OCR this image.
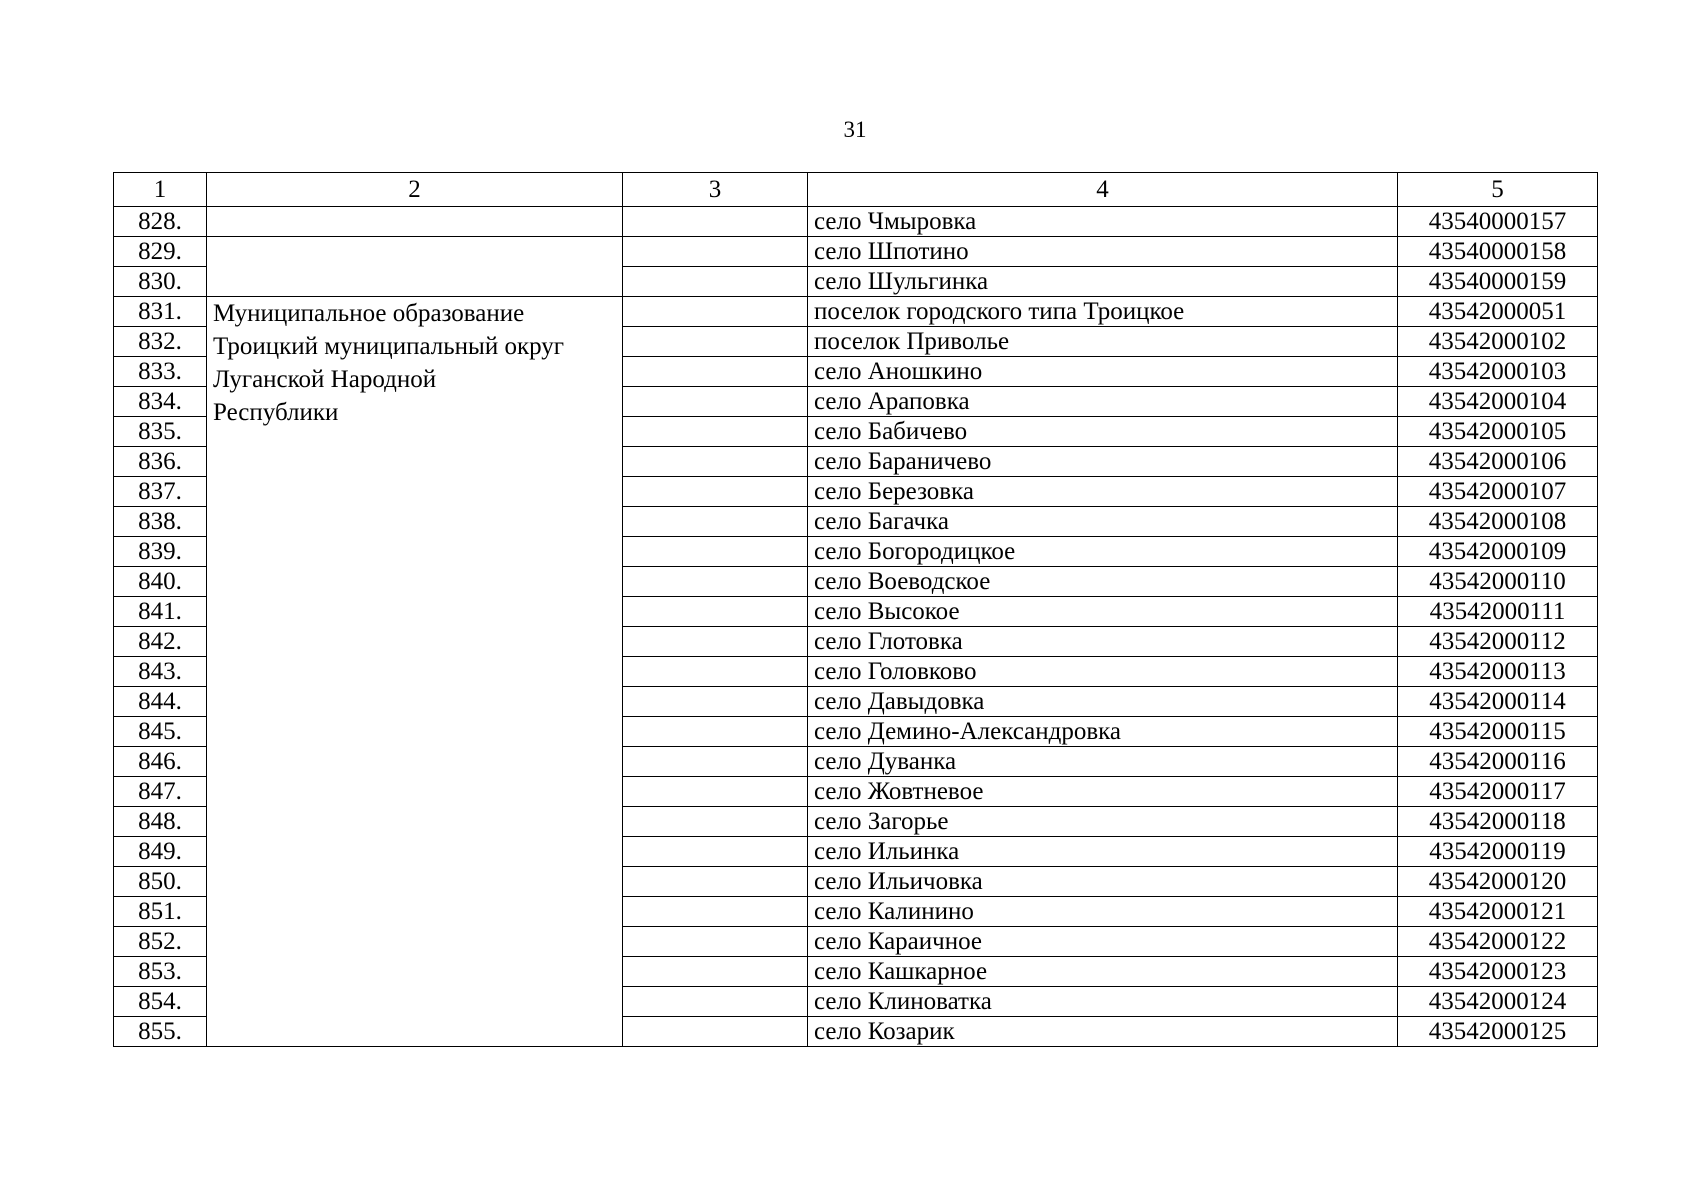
31
1	2	3	4	5
828.			село Чмыровка	43540000157
829.			село Шпотино	43540000158
830.			село Шульгинка	43540000159
831.	Муниципальное образование
Троицкий муниципальный округ
Луганской Народной
Республики		поселок городского типа Троицкое	43542000051
832.			поселок Приволье	43542000102
833.			село Аношкино	43542000103
834.			село Араповка	43542000104
835.			село Бабичево	43542000105
836.			село Бараничево	43542000106
837.			село Березовка	43542000107
838.			село Багачка	43542000108
839.			село Богородицкое	43542000109
840.			село Воеводское	43542000110
841.			село Высокое	43542000111
842.			село Глотовка	43542000112
843.			село Головково	43542000113
844.			село Давыдовка	43542000114
845.			село Демино-Александровка	43542000115
846.			село Дуванка	43542000116
847.			село Жовтневое	43542000117
848.			село Загорье	43542000118
849.			село Ильинка	43542000119
850.			село Ильичовка	43542000120
851.			село Калинино	43542000121
852.			село Караичное	43542000122
853.			село Кашкарное	43542000123
854.			село Клиноватка	43542000124
855.			село Козарик	43542000125
